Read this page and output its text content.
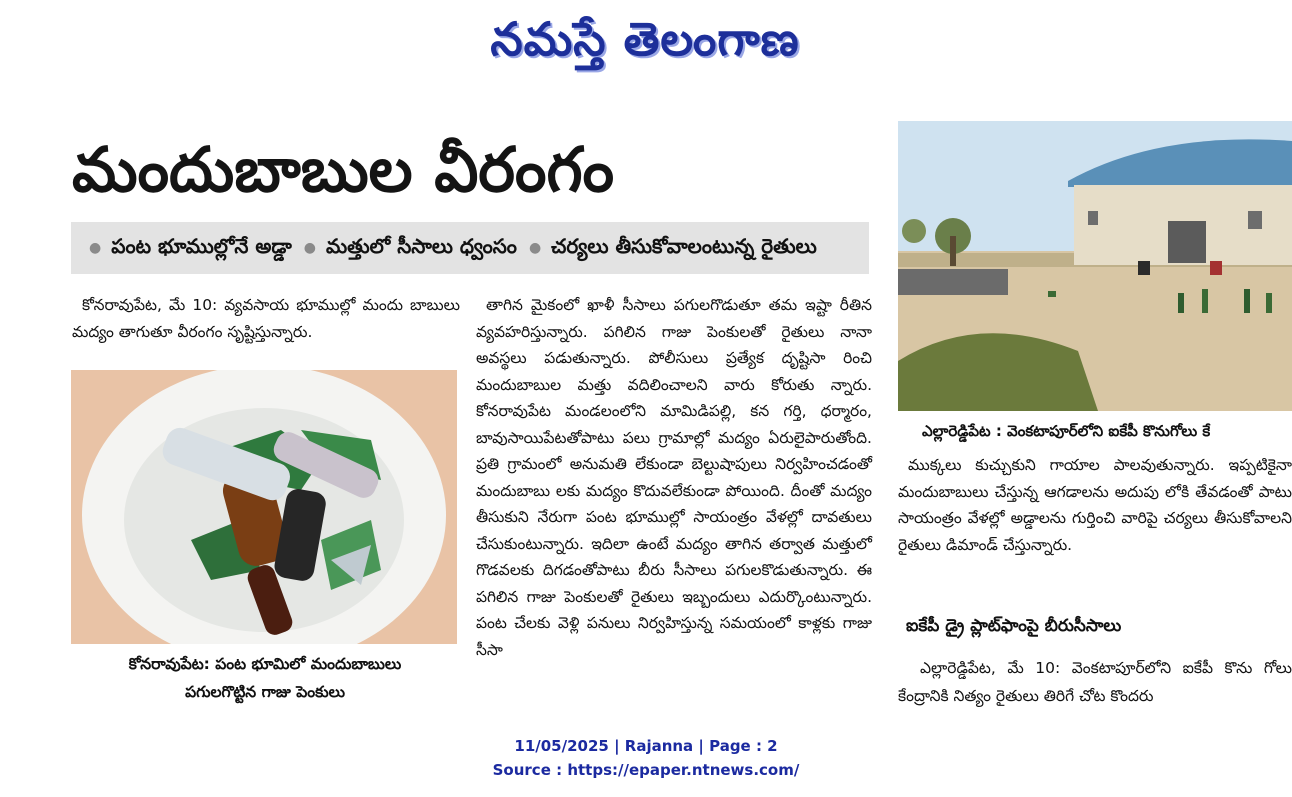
నమస్తే తెలంగాణ
మందుబాబుల వీరంగం
● పంట భూముల్లోనే అడ్డా ● మత్తులో సీసాలు ధ్వంసం ● చర్యలు తీసుకోవాలంటున్న రైతులు

కోనరావుపేట, మే 10: వ్యవసాయ భూముల్లో మందు బాబులు మద్యం తాగుతూ వీరంగం సృష్టిస్తున్నారు.

కోనరావుపేట: పంట భూమిలో మందుబాబులు
పగులగొట్టిన గాజు పెంకులు

తాగిన మైకంలో ఖాళీ సీసాలు పగులగొడుతూ తమ ఇష్టా రీతిన వ్యవహరిస్తున్నారు. పగిలిన గాజు పెంకులతో రైతులు నానా అవస్థలు పడుతున్నారు. పోలీసులు ప్రత్యేక దృష్టిసా రించి మందుబాబుల మత్తు వదిలించాలని వారు కోరుతు న్నారు. కోనరావుపేట మండలంలోని మామిడిపల్లి, కన గర్తి, ధర్మారం, బావుసాయిపేటతోపాటు పలు గ్రామాల్లో మద్యం ఏరులైపారుతోంది. ప్రతి గ్రామంలో అనుమతి లేకుండా బెల్టుషాపులు నిర్వహించడంతో మందుబాబు లకు మద్యం కొదువలేకుండా పోయింది. దీంతో మద్యం తీసుకుని నేరుగా పంట భూముల్లో సాయంత్రం వేళల్లో దావతులు చేసుకుంటున్నారు. ఇదిలా ఉంటే మద్యం తాగిన తర్వాత మత్తులో గొడవలకు దిగడంతోపాటు బీరు సీసాలు పగులకొడుతున్నారు. ఈ పగిలిన గాజు పెంకులతో రైతులు ఇబ్బందులు ఎదుర్కొంటున్నారు. పంట చేలకు వెళ్లి పనులు నిర్వహిస్తున్న సమయంలో కాళ్లకు గాజు సీసా

ఎల్లారెడ్డిపేట : వెంకటాపూర్‌లోని ఐకేపీ కొనుగోలు కే

ముక్కలు కుచ్చుకుని గాయాల పాలవుతున్నారు. ఇప్పటికైనా మందుబాబులు చేస్తున్న ఆగడాలను అదుపు లోకి తేవడంతో పాటు సాయంత్రం వేళల్లో అడ్డాలను గుర్తించి వారిపై చర్యలు తీసుకోవాలని రైతులు డిమాండ్ చేస్తున్నారు.

ఐకేపీ డ్రై ప్లాట్‌ఫాంపై బీరుసీసాలు

ఎల్లారెడ్డిపేట, మే 10: వెంకటాపూర్‌లోని ఐకేపీ కొను గోలు కేంద్రానికి నిత్యం రైతులు తిరిగే చోట కొందరు

11/05/2025 | Rajanna | Page : 2
Source : https://epaper.ntnews.com/
